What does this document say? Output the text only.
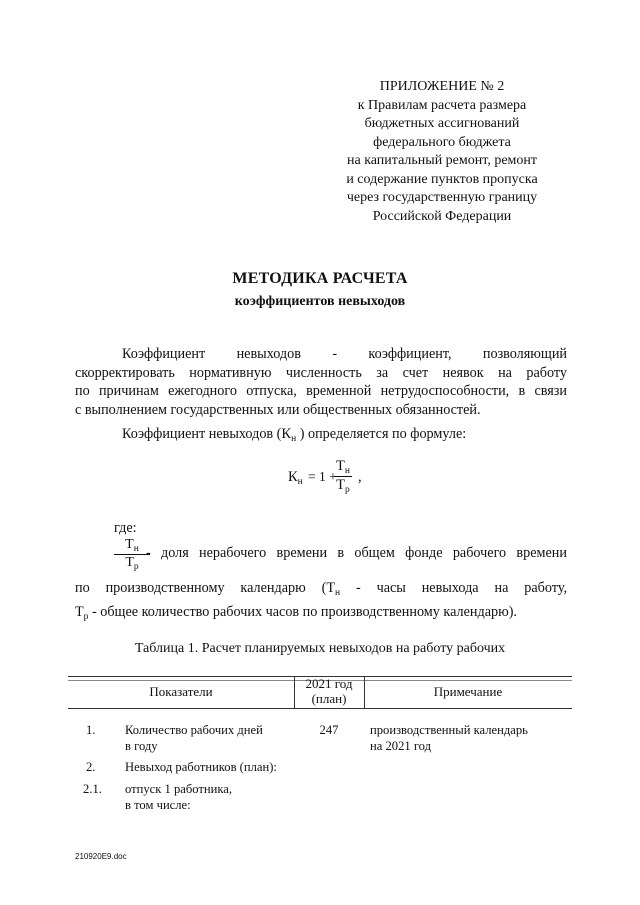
ПРИЛОЖЕНИЕ № 2
к Правилам расчета размера
бюджетных ассигнований
федерального бюджета
на капитальный ремонт, ремонт
и содержание пунктов пропуска
через государственную границу
Российской Федерации
МЕТОДИКА РАСЧЕТА
коэффициентов невыходов
Коэффициент невыходов - коэффициент, позволяющий
скорректировать нормативную численность за счет неявок на работу
по причинам ежегодного отпуска, временной нетрудоспособности, в связи
с выполнением государственных или общественных обязанностей.
Коэффициент невыходов ($К_н$ ) определяется по формуле:
$К_н = 1$ +
$Т_н$
$Т_р$
,
где:
$Т_н$
$Т_р$
- доля нерабочего времени в общем фонде рабочего времени
по производственному календарю ($Т_н$ - часы невыхода на работу,
$Т_р$ - общее количество рабочих часов по производственному календарю).
Таблица 1. Расчет планируемых невыходов на работу рабочих
Показатели
2021 год
(план)	Примечание
1. Количество рабочих дней
в году
247	производственный календарь
на 2021 год
2. Невыход работников (план):
2.1. отпуск 1 работника,
в том числе:
210920E9.doc
